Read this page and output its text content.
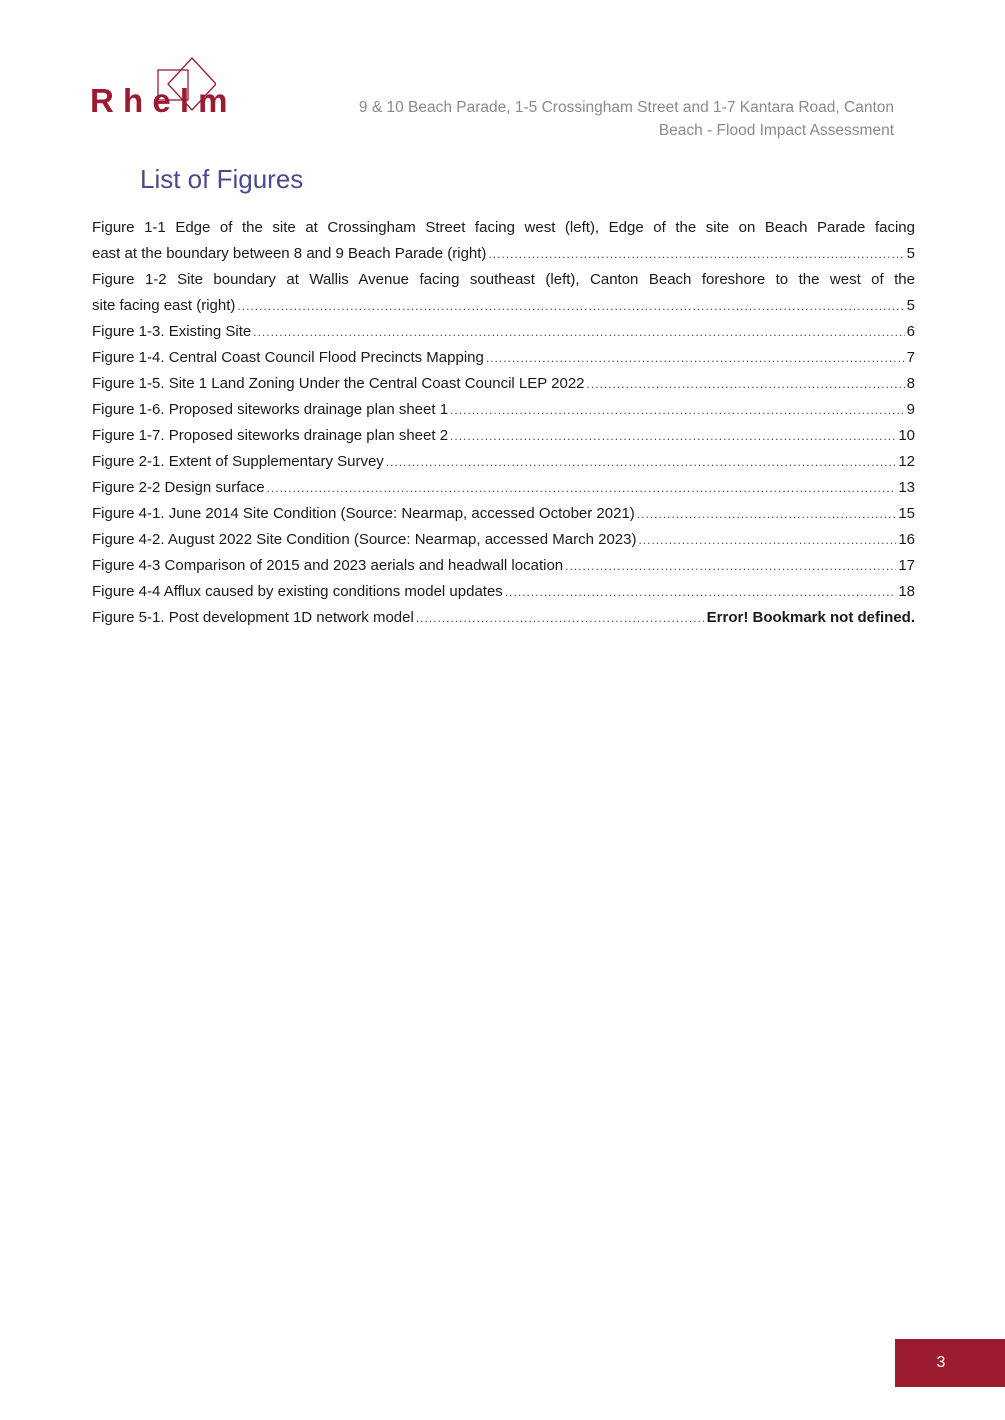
R h e l m	9 & 10 Beach Parade, 1-5 Crossingham Street and 1-7 Kantara Road, Canton
Beach - Flood Impact Assessment
List of Figures
Figure 1-1 Edge of the site at Crossingham Street facing west (left), Edge of the site on Beach Parade facing
east at the boundary between 8 and 9 Beach Parade (right) .....	5
Figure 1-2 Site boundary at Wallis Avenue facing southeast (left), Canton Beach foreshore to the west of the
site facing east (right) .....	5
Figure 1-3. Existing Site .....	6
Figure 1-4. Central Coast Council Flood Precincts Mapping .....	7
Figure 1-5. Site 1 Land Zoning Under the Central Coast Council LEP 2022 .....	8
Figure 1-6. Proposed siteworks drainage plan sheet 1 .....	9
Figure 1-7. Proposed siteworks drainage plan sheet 2 .....	10
Figure 2-1. Extent of Supplementary Survey .....	12
Figure 2-2 Design surface .....	13
Figure 4-1. June 2014 Site Condition (Source: Nearmap, accessed October 2021) .....	15
Figure 4-2. August 2022 Site Condition (Source: Nearmap, accessed March 2023) .....	16
Figure 4-3 Comparison of 2015 and 2023 aerials and headwall location .....	17
Figure 4-4 Afflux caused by existing conditions model updates .....	18
Figure 5-1. Post development 1D network model .....	Error! Bookmark not defined.
3
